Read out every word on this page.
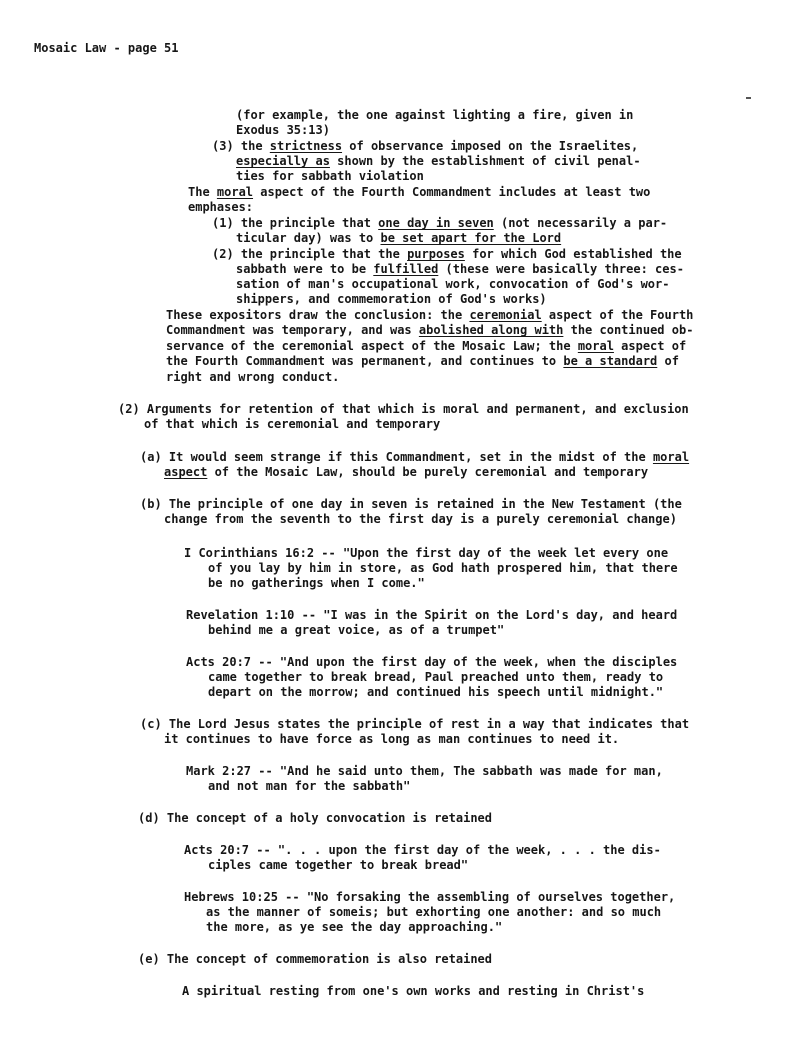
Mosaic Law - page 51
(for example, the one against lighting a fire, given in
Exodus 35:13)
(3) the strictness of observance imposed on the Israelites,
especially as shown by the establishment of civil penal-
ties for sabbath violation
The moral aspect of the Fourth Commandment includes at least two
emphases:
(1) the principle that one day in seven (not necessarily a par-
ticular day) was to be set apart for the Lord
(2) the principle that the purposes for which God established the
sabbath were to be fulfilled (these were basically three: ces-
sation of man's occupational work, convocation of God's wor-
shippers, and commemoration of God's works)
These expositors draw the conclusion: the ceremonial aspect of the Fourth
Commandment was temporary, and was abolished along with the continued ob-
servance of the ceremonial aspect of the Mosaic Law; the moral aspect of
the Fourth Commandment was permanent, and continues to be a standard of
right and wrong conduct.
(2) Arguments for retention of that which is moral and permanent, and exclusion
of that which is ceremonial and temporary
(a) It would seem strange if this Commandment, set in the midst of the moral
aspect of the Mosaic Law, should be purely ceremonial and temporary
(b) The principle of one day in seven is retained in the New Testament (the
change from the seventh to the first day is a purely ceremonial change)
I Corinthians 16:2 -- "Upon the first day of the week let every one
of you lay by him in store, as God hath prospered him, that there
be no gatherings when I come."
Revelation 1:10 -- "I was in the Spirit on the Lord's day, and heard
behind me a great voice, as of a trumpet"
Acts 20:7 -- "And upon the first day of the week, when the disciples
came together to break bread, Paul preached unto them, ready to
depart on the morrow; and continued his speech until midnight."
(c) The Lord Jesus states the principle of rest in a way that indicates that
it continues to have force as long as man continues to need it.
Mark 2:27 -- "And he said unto them, The sabbath was made for man,
and not man for the sabbath"
(d) The concept of a holy convocation is retained
Acts 20:7 -- ". . . upon the first day of the week, . . . the dis-
ciples came together to break bread"
Hebrews 10:25 -- "No forsaking the assembling of ourselves together,
as the manner of someis; but exhorting one another: and so much
the more, as ye see the day approaching."
(e) The concept of commemoration is also retained
A spiritual resting from one's own works and resting in Christ's
